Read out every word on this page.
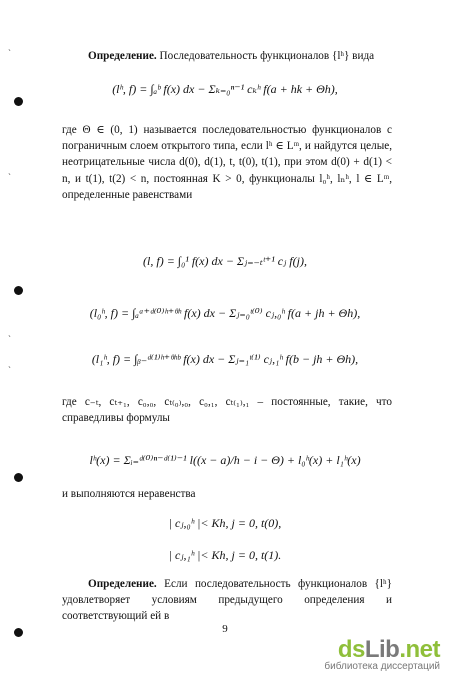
ˋ
ˋ
ˋ
ˋ

Определение. Последовательность функционалов {lʰ} вида

(lʰ, f) = ∫ₐᵇ f(x) dx − Σₖ₌₀ⁿ⁻¹ cₖʰ f(a + hk + Θh),

где Θ ∈ (0, 1) называется последовательностью функционалов с пограничным слоем открытого типа, если lʰ ∈ Lᵐ, и найдутся целые, неотрицательные числа d(0), d(1), t, t(0), t(1), при этом d(0) + d(1) < n, и t(1), t(2) < n, постоянная K > 0, функционалы l₀ʰ, lₙʰ, l ∈ Lᵐ, определенные равенствами

(l, f) = ∫₀¹ f(x) dx − Σⱼ₌₋ₜᵗ⁺¹ cⱼ f(j),
(l₀ʰ, f) = ∫ₐᵃ⁺ᵈ⁽⁰⁾ʰ⁺ᶿʰ f(x) dx − Σⱼ₌₀ᵗ⁽⁰⁾ cⱼ,₀ʰ f(a + jh + Θh),
(l₁ʰ, f) = ∫ᵦ₋ᵈ⁽¹⁾ʰ⁺ᶿʰᵇ f(x) dx − Σⱼ₌₁ᵗ⁽¹⁾ cⱼ,₁ʰ f(b − jh + Θh),

где c₋ₜ, cₜ₊₁, c₀,₀, cₜ₍₀₎,₀, c₀,₁, cₜ₍₁₎,₁ – постоянные, такие, что справедливы формулы

lʰ(x) = Σᵢ₌ᵈ⁽⁰⁾ⁿ⁻ᵈ⁽¹⁾⁻¹ l((x − a)/h − i − Θ) + l₀ʰ(x) + l₁ʰ(x)

и выполняются неравенства

| cⱼ,₀ʰ |< Kh, j = 0, t(0),
| cⱼ,₁ʰ |< Kh, j = 0, t(1).

Определение. Если последовательность функционалов {lʰ} удовлетворяет условиям предыдущего определения и соответствующий ей в

9
dsLib.net
библиотека диссертаций
